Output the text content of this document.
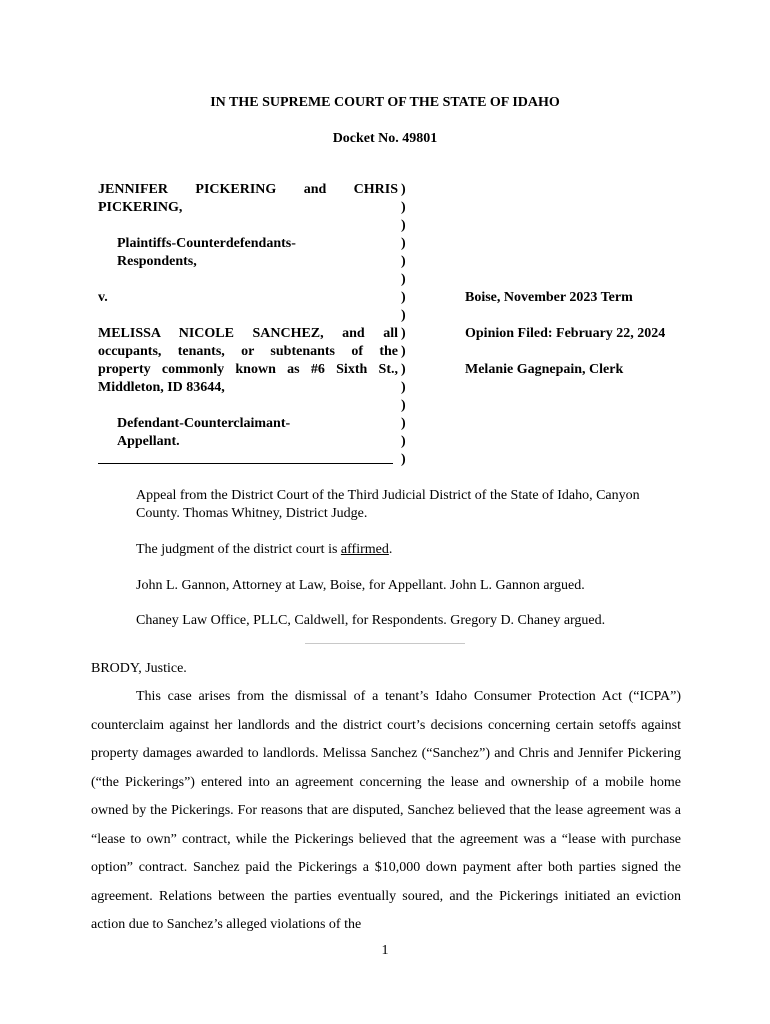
IN THE SUPREME COURT OF THE STATE OF IDAHO
Docket No. 49801
JENNIFER PICKERING and CHRIS
PICKERING,
Plaintiffs-Counterdefendants-
Respondents,
v.
MELISSA NICOLE SANCHEZ, and all
occupants, tenants, or subtenants of the
property commonly known as #6 Sixth St.,
Middleton, ID 83644,
Defendant-Counterclaimant-
Appellant.
)
)
)
)
)
)
)
)
)
)
)
)
)
)
)
)
Boise, November 2023 Term
Opinion Filed: February 22, 2024
Melanie Gagnepain, Clerk
Appeal from the District Court of the Third Judicial District of the State of Idaho, Canyon County. Thomas Whitney, District Judge.
The judgment of the district court is affirmed.
John L. Gannon, Attorney at Law, Boise, for Appellant. John L. Gannon argued.
Chaney Law Office, PLLC, Caldwell, for Respondents. Gregory D. Chaney argued.
BRODY, Justice.
This case arises from the dismissal of a tenant’s Idaho Consumer Protection Act (“ICPA”) counterclaim against her landlords and the district court’s decisions concerning certain setoffs against property damages awarded to landlords. Melissa Sanchez (“Sanchez”) and Chris and Jennifer Pickering (“the Pickerings”) entered into an agreement concerning the lease and ownership of a mobile home owned by the Pickerings. For reasons that are disputed, Sanchez believed that the lease agreement was a “lease to own” contract, while the Pickerings believed that the agreement was a “lease with purchase option” contract. Sanchez paid the Pickerings a $10,000 down payment after both parties signed the agreement. Relations between the parties eventually soured, and the Pickerings initiated an eviction action due to Sanchez’s alleged violations of the
1
